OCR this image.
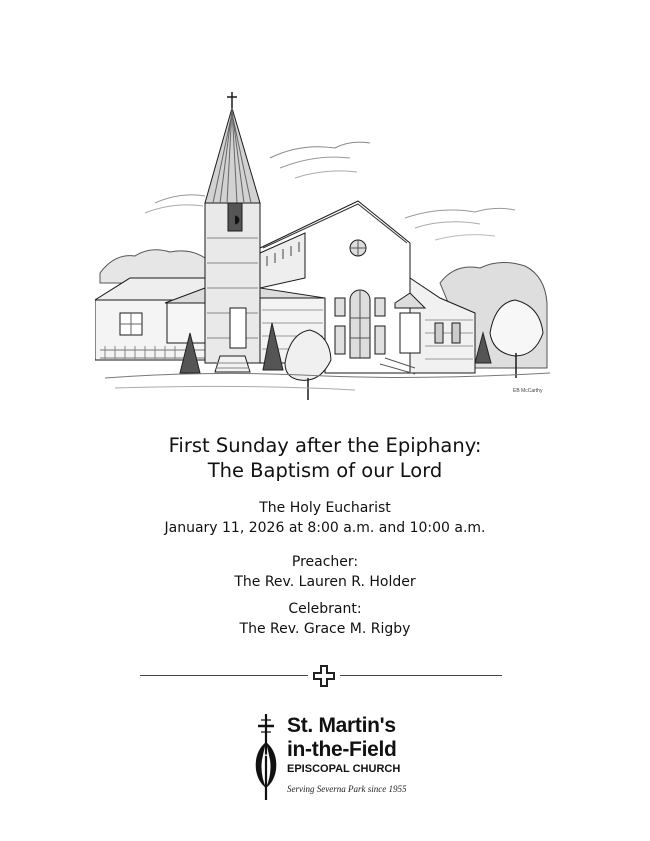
EB McCarthy
First Sunday after the Epiphany:
The Baptism of our Lord
The Holy Eucharist
January 11, 2026 at 8:00 a.m. and 10:00 a.m.
Preacher:
The Rev. Lauren R. Holder
Celebrant:
The Rev. Grace M. Rigby
St. Martin's
in-the-Field
EPISCOPAL CHURCH
Serving Severna Park since 1955
